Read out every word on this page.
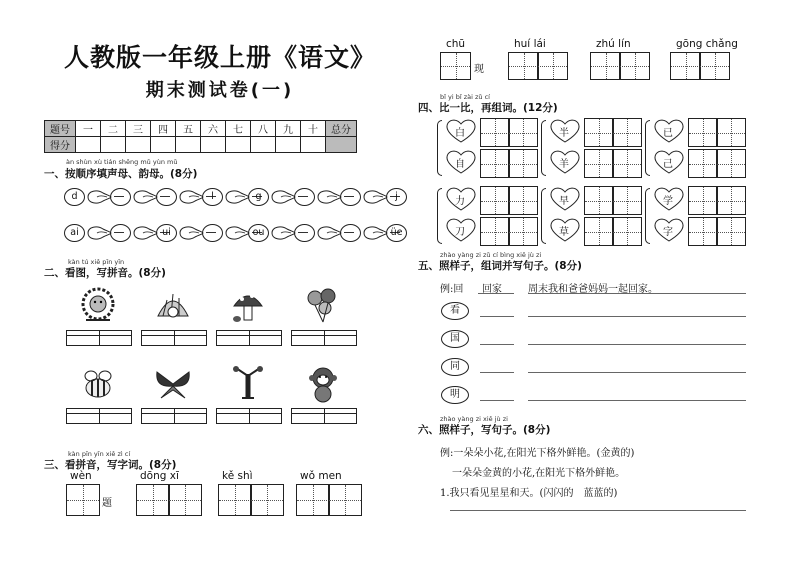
人教版一年级上册《语文》
期末测试卷(一)
题号	一	二	三	四	五	六	七	八	九	十	总分
得分											
àn shùn xù tián shēng mǔ yùn mǔ
一、按顺序填声母、韵母。(8分)
d	l	g	j
ai	ui	ou	üe
kàn tú xiě pīn yīn
二、看图，写拼音。(8分)
kàn pīn yīn xiě zì cí
三、看拼音，写字词。(8分)
wèn
题
dōng xī	kě shì	wǒ men
chū
现
huí lái	zhú lín	gōng chǎng
bǐ yi bǐ zài zǔ cí
四、比一比，再组词。(12分)
白
自
半
羊
已
己
力
刀
早
草
学
字
zhào yàng zi zǔ cí bìng xiě jù zi
五、照样子，组词并写句子。(8分)
例:回 回家	周末我和爸爸妈妈一起回家。
看
国
同
明
zhào yàng zi xiě jù zi
六、照样子，写句子。(8分)
例:一朵朵小花,在阳光下格外鲜艳。(金黄的)
一朵朵金黄的小花,在阳光下格外鲜艳。
1.我只看见星星和天。(闪闪的　蓝蓝的)
